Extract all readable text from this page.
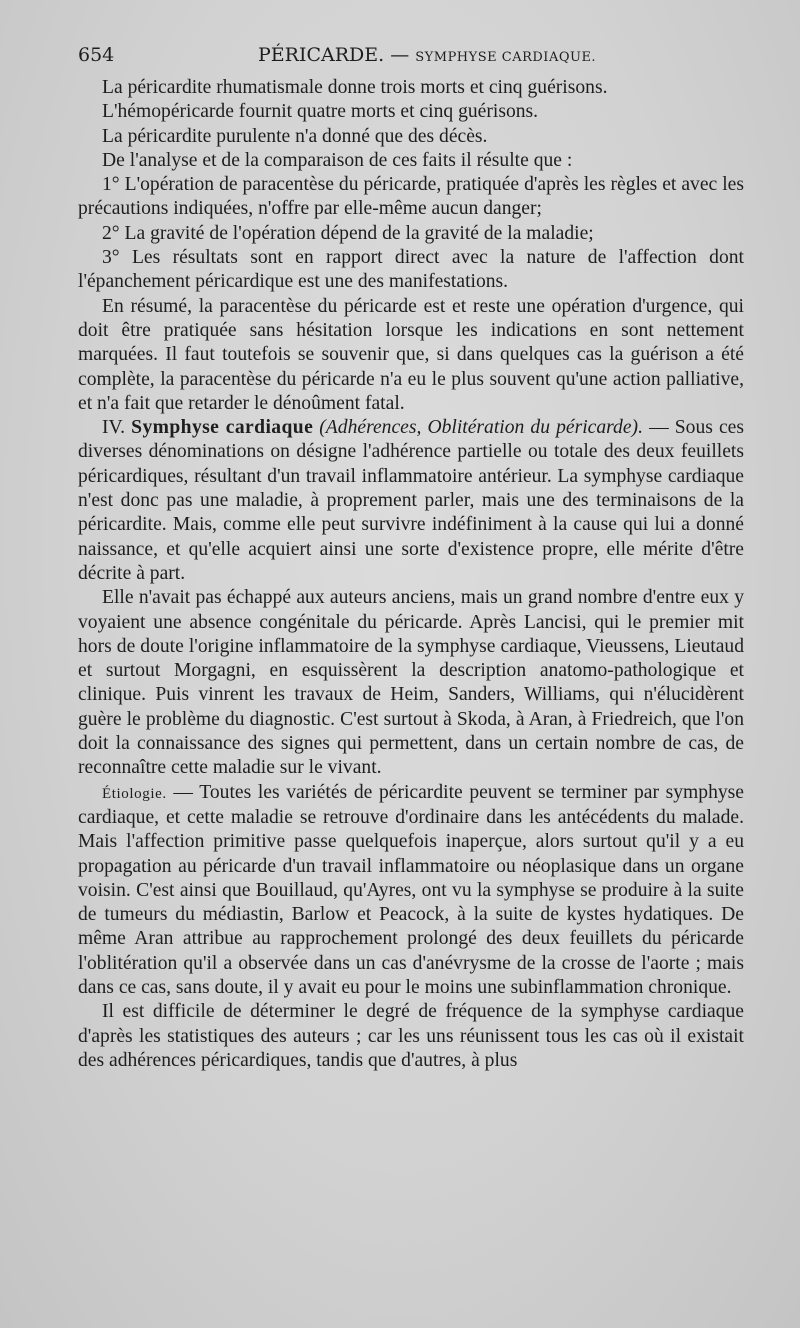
654	PÉRICARDE. — SYMPHYSE CARDIAQUE.

La péricardite rhumatismale donne trois morts et cinq guérisons.

L'hémopéricarde fournit quatre morts et cinq guérisons.

La péricardite purulente n'a donné que des décès.

De l'analyse et de la comparaison de ces faits il résulte que :

1° L'opération de paracentèse du péricarde, pratiquée d'après les règles et avec les précautions indiquées, n'offre par elle-même aucun danger;

2° La gravité de l'opération dépend de la gravité de la maladie;

3° Les résultats sont en rapport direct avec la nature de l'affection dont l'épanchement péricardique est une des manifestations.

En résumé, la paracentèse du péricarde est et reste une opération d'urgence, qui doit être pratiquée sans hésitation lorsque les indications en sont nettement marquées. Il faut toutefois se souvenir que, si dans quelques cas la guérison a été complète, la paracentèse du péricarde n'a eu le plus souvent qu'une action palliative, et n'a fait que retarder le dénoûment fatal.

IV. Symphyse cardiaque (Adhérences, Oblitération du péricarde). — Sous ces diverses dénominations on désigne l'adhérence partielle ou totale des deux feuillets péricardiques, résultant d'un travail inflammatoire antérieur. La symphyse cardiaque n'est donc pas une maladie, à proprement parler, mais une des terminaisons de la péricardite. Mais, comme elle peut survivre indéfiniment à la cause qui lui a donné naissance, et qu'elle acquiert ainsi une sorte d'existence propre, elle mérite d'être décrite à part.

Elle n'avait pas échappé aux auteurs anciens, mais un grand nombre d'entre eux y voyaient une absence congénitale du péricarde. Après Lancisi, qui le premier mit hors de doute l'origine inflammatoire de la symphyse cardiaque, Vieussens, Lieutaud et surtout Morgagni, en esquissèrent la description anatomo-pathologique et clinique. Puis vinrent les travaux de Heim, Sanders, Williams, qui n'élucidèrent guère le problème du diagnostic. C'est surtout à Skoda, à Aran, à Friedreich, que l'on doit la connaissance des signes qui permettent, dans un certain nombre de cas, de reconnaître cette maladie sur le vivant.

Étiologie. — Toutes les variétés de péricardite peuvent se terminer par symphyse cardiaque, et cette maladie se retrouve d'ordinaire dans les antécédents du malade. Mais l'affection primitive passe quelquefois inaperçue, alors surtout qu'il y a eu propagation au péricarde d'un travail inflammatoire ou néoplasique dans un organe voisin. C'est ainsi que Bouillaud, qu'Ayres, ont vu la symphyse se produire à la suite de tumeurs du médiastin, Barlow et Peacock, à la suite de kystes hydatiques. De même Aran attribue au rapprochement prolongé des deux feuillets du péricarde l'oblitération qu'il a observée dans un cas d'anévrysme de la crosse de l'aorte ; mais dans ce cas, sans doute, il y avait eu pour le moins une subinflammation chronique.

Il est difficile de déterminer le degré de fréquence de la symphyse cardiaque d'après les statistiques des auteurs ; car les uns réunissent tous les cas où il existait des adhérences péricardiques, tandis que d'autres, à plus
